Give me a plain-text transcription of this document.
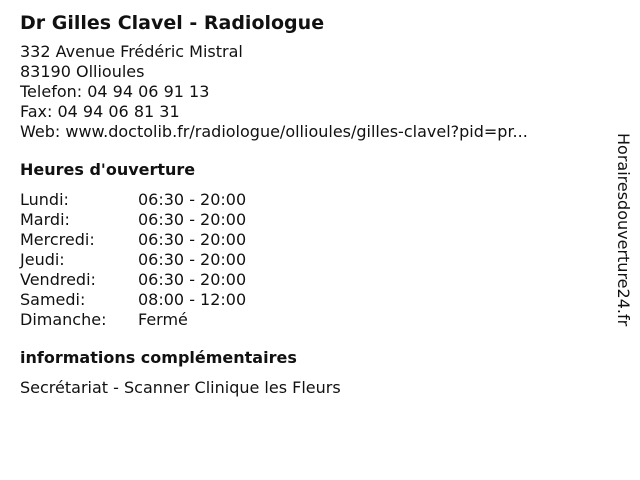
Dr Gilles Clavel - Radiologue
332 Avenue Frédéric Mistral
83190 Ollioules
Telefon: 04 94 06 91 13
Fax: 04 94 06 81 31
Web: www.doctolib.fr/radiologue/ollioules/gilles-clavel?pid=pr...
Heures d'ouverture
Lundi:	06:30 - 20:00
Mardi:	06:30 - 20:00
Mercredi:	06:30 - 20:00
Jeudi:	06:30 - 20:00
Vendredi:	06:30 - 20:00
Samedi:	08:00 - 12:00
Dimanche:	Fermé
informations complémentaires
Secrétariat - Scanner Clinique les Fleurs
Horairesdouverture24.fr
